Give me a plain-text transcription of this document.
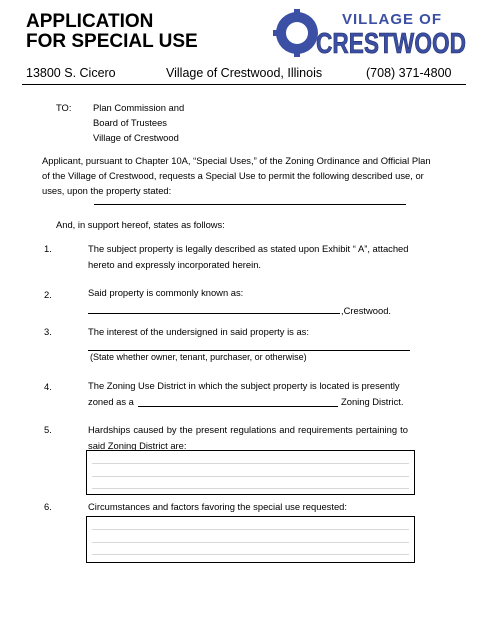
APPLICATION
FOR SPECIAL USE
VILLAGE OF
CRESTWOOD
13800 S. Cicero	Village of Crestwood, Illinois	(708) 371-4800
TO: Plan Commission and
Board of Trustees
Village of Crestwood
Applicant, pursuant to Chapter 10A, “Special Uses,” of the Zoning Ordinance and Official Plan of the Village of Crestwood, requests a Special Use to permit the following described use, or uses, upon the property stated:
And, in support hereof, states as follows:
1.	The subject property is legally described as stated upon Exhibit “ A”, attached hereto and expressly incorporated herein.
2.	Said property is commonly known as:
,Crestwood.
3.	The interest of the undersigned in said property is as:
(State whether owner, tenant, purchaser, or otherwise)
4.	The Zoning Use District in which the subject property is located is presently
zoned as a	Zoning District.
5.	Hardships caused by the present regulations and requirements pertaining to said Zoning District are:
6.	Circumstances and factors favoring the special use requested:
